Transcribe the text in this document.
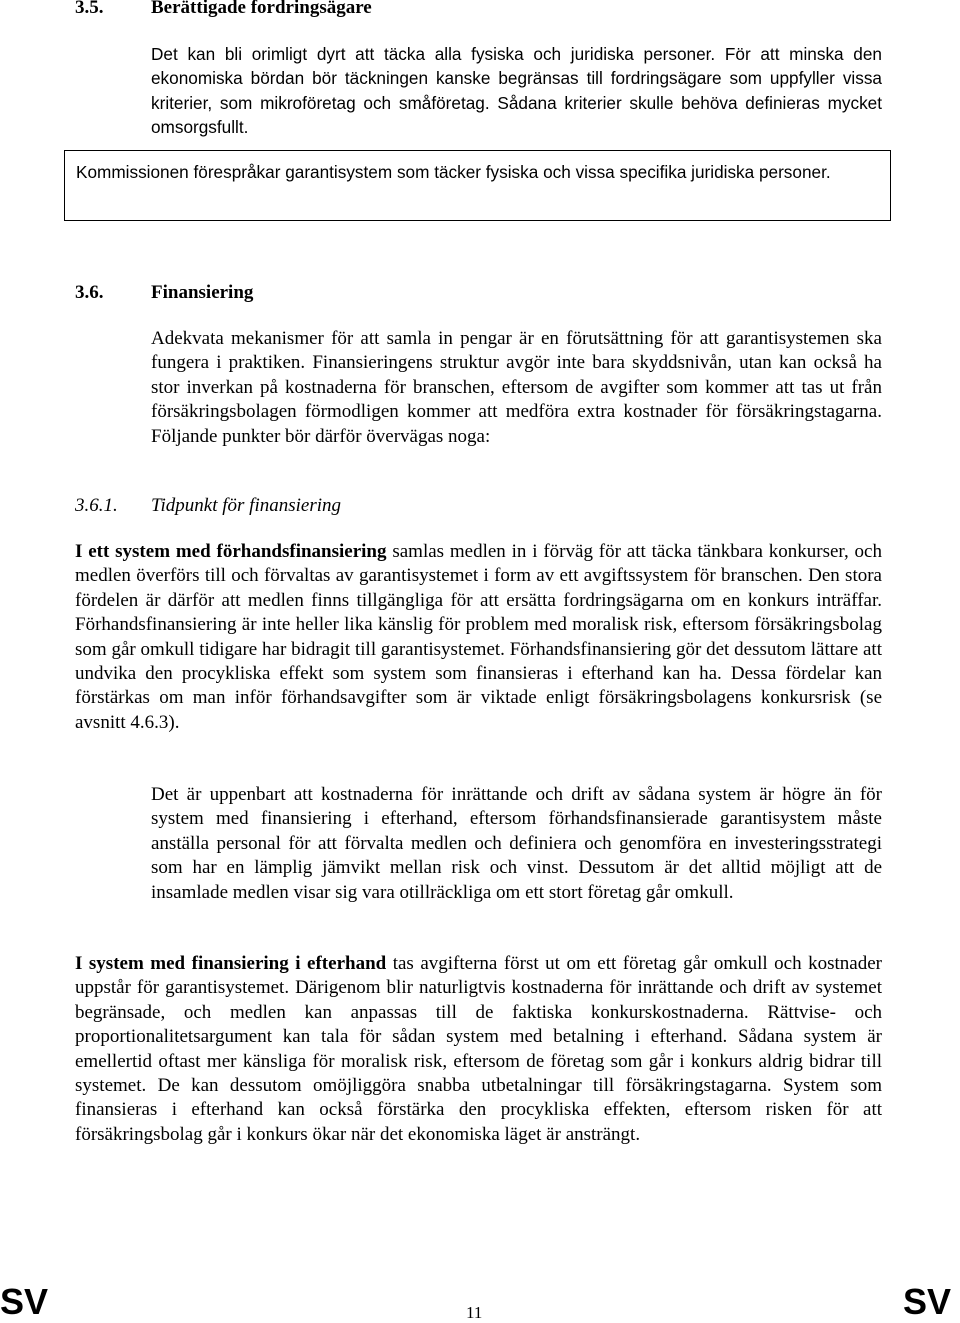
3.5.	Berättigade fordringsägare

Det kan bli orimligt dyrt att täcka alla fysiska och juridiska personer. För att minska den ekonomiska bördan bör täckningen kanske begränsas till fordringsägare som uppfyller vissa kriterier, som mikroföretag och småföretag. Sådana kriterier skulle behöva definieras mycket omsorgsfullt.

Kommissionen förespråkar garantisystem som täcker fysiska och vissa specifika juridiska personer.

3.6.	Finansiering

Adekvata mekanismer för att samla in pengar är en förutsättning för att garantisystemen ska fungera i praktiken. Finansieringens struktur avgör inte bara skyddsnivån, utan kan också ha stor inverkan på kostnaderna för branschen, eftersom de avgifter som kommer att tas ut från försäkringsbolagen förmodligen kommer att medföra extra kostnader för försäkringstagarna. Följande punkter bör därför övervägas noga:

3.6.1. Tidpunkt för finansiering

I ett system med förhandsfinansiering samlas medlen in i förväg för att täcka tänkbara konkurser, och medlen överförs till och förvaltas av garantisystemet i form av ett avgiftssystem för branschen. Den stora fördelen är därför att medlen finns tillgängliga för att ersätta fordringsägarna om en konkurs inträffar. Förhandsfinansiering är inte heller lika känslig för problem med moralisk risk, eftersom försäkringsbolag som går omkull tidigare har bidragit till garantisystemet. Förhandsfinansiering gör det dessutom lättare att undvika den procykliska effekt som system som finansieras i efterhand kan ha. Dessa fördelar kan förstärkas om man inför förhandsavgifter som är viktade enligt försäkringsbolagens konkursrisk (se avsnitt 4.6.3).

Det är uppenbart att kostnaderna för inrättande och drift av sådana system är högre än för system med finansiering i efterhand, eftersom förhandsfinansierade garantisystem måste anställa personal för att förvalta medlen och definiera och genomföra en investeringsstrategi som har en lämplig jämvikt mellan risk och vinst. Dessutom är det alltid möjligt att de insamlade medlen visar sig vara otillräckliga om ett stort företag går omkull.

I system med finansiering i efterhand tas avgifterna först ut om ett företag går omkull och kostnader uppstår för garantisystemet. Därigenom blir naturligtvis kostnaderna för inrättande och drift av systemet begränsade, och medlen kan anpassas till de faktiska konkurskostnaderna. Rättvise- och proportionalitetsargument kan tala för sådan system med betalning i efterhand. Sådana system är emellertid oftast mer känsliga för moralisk risk, eftersom de företag som går i konkurs aldrig bidrar till systemet. De kan dessutom omöjliggöra snabba utbetalningar till försäkringstagarna. System som finansieras i efterhand kan också förstärka den procykliska effekten, eftersom risken för att försäkringsbolag går i konkurs ökar när det ekonomiska läget är ansträngt.

SV	11	SV
